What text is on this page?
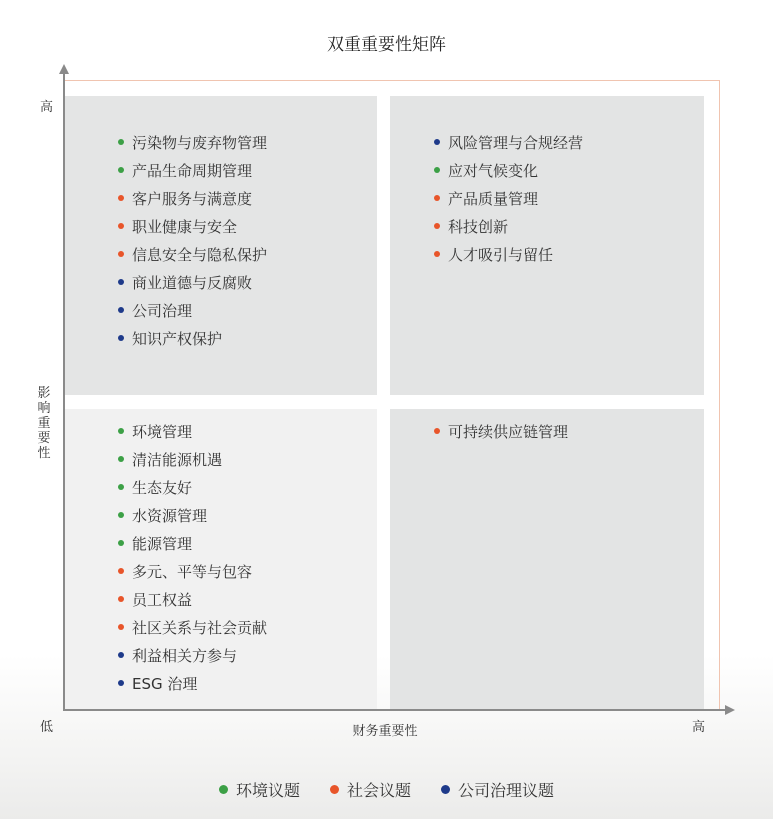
双重重要性矩阵
污染物与废弃物管理
产品生命周期管理
客户服务与满意度
职业健康与安全
信息安全与隐私保护
商业道德与反腐败
公司治理
知识产权保护
风险管理与合规经营
应对气候变化
产品质量管理
科技创新
人才吸引与留任
环境管理
清洁能源机遇
生态友好
水资源管理
能源管理
多元、平等与包容
员工权益
社区关系与社会贡献
利益相关方参与
ESG 治理
可持续供应链管理
高
影响重要性
低	财务重要性	高
环境议题	社会议题	公司治理议题
